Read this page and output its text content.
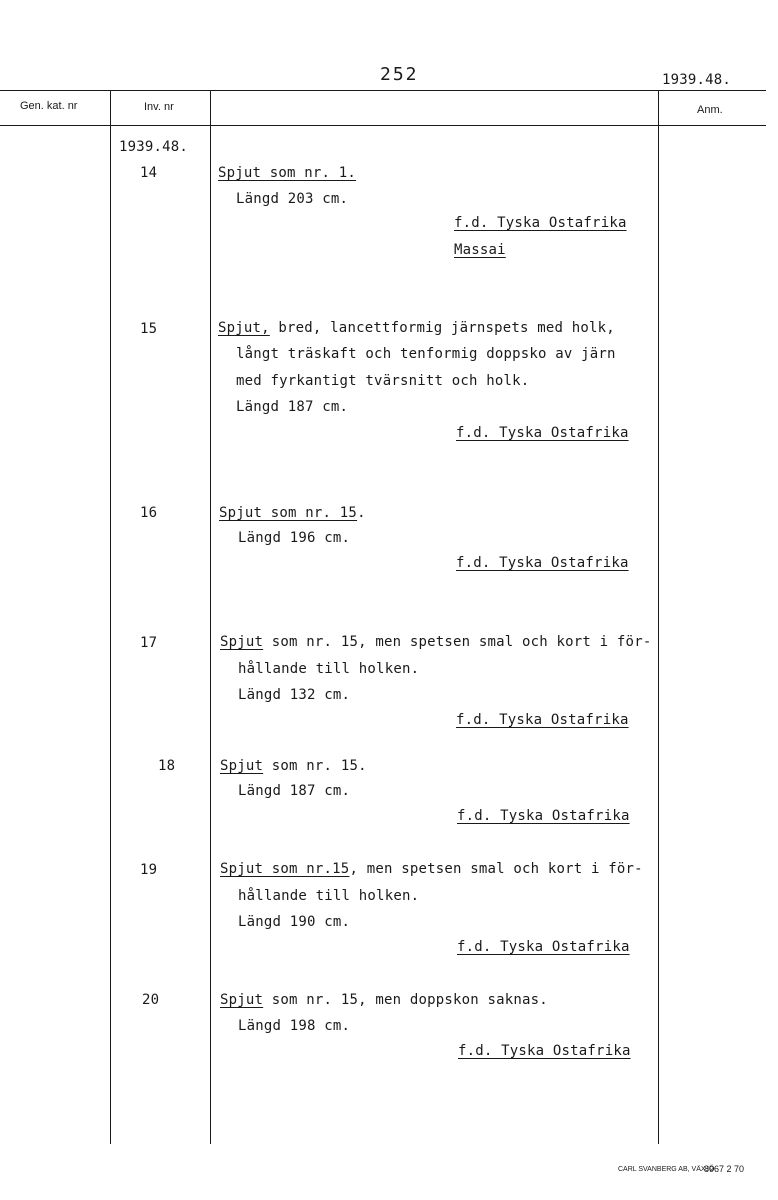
252	1939.48.
Gen. kat. nr	Inv. nr	Anm.
1939.48.
14	Spjut som nr. 1.
Längd 203 cm.
f.d. Tyska Ostafrika
Massai
15	Spjut, bred, lancettformig järnspets med holk,
långt träskaft och tenformig doppsko av järn
med fyrkantigt tvärsnitt och holk.
Längd 187 cm.
f.d. Tyska Ostafrika
16	Spjut som nr. 15.
Längd 196 cm.
f.d. Tyska Ostafrika
17	Spjut som nr. 15, men spetsen smal och kort i för-
hållande till holken.
Längd 132 cm.
f.d. Tyska Ostafrika
18	Spjut som nr. 15.
Längd 187 cm.
f.d. Tyska Ostafrika
19	Spjut som nr.15, men spetsen smal och kort i för-
hållande till holken.
Längd 190 cm.
f.d. Tyska Ostafrika
20	Spjut som nr. 15, men doppskon saknas.
Längd 198 cm.
f.d. Tyska Ostafrika
CARL SVANBERG AB, VÄXJÖ
8967 2 70
